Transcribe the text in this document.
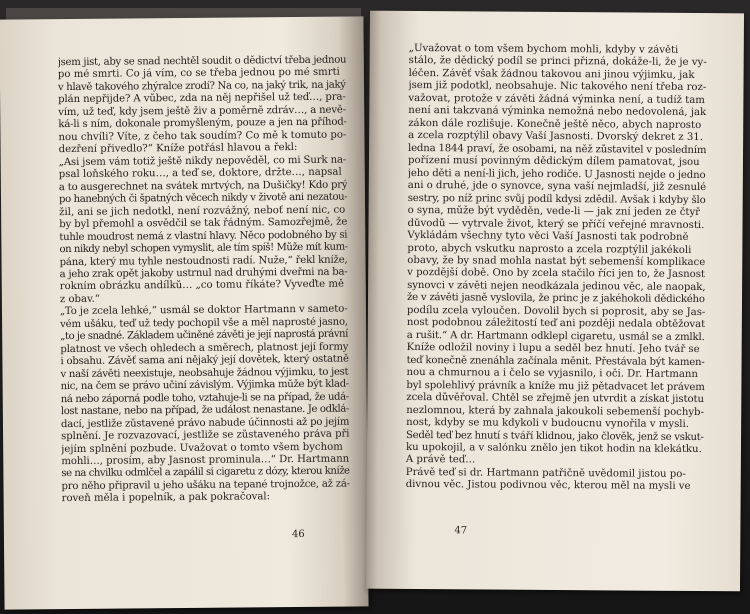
jsem jist, aby se snad nechtěl soudit o dědictví třeba jednou
po mé smrti. Co já vím, co se třeba jednou po mé smrti
v hlavě takového zhýralce zrodí? Na co, na jaký trik, na jaký
plán nepřijde? A vůbec, zda na něj nepřišel už teď…, pra-
vím, už teď, kdy jsem ještě živ a poměrně zdráv…, a nevě-
ká-li s ním, dokonale promyšleným, pouze a jen na příhod-
nou chvíli? Víte, z čeho tak soudím? Co mě k tomuto po-
dezření přivedlo?“ Kníže potřásl hlavou a řekl:
„Asi jsem vám totiž ještě nikdy nepověděl, co mi Šurk na-
psal loňského roku…, a teď se, doktore, držte…, napsal
a to ausgerechnet na svátek mrtvých, na Dušičky! Kdo prý
po hanebných či špatných věcech nikdy v životě ani nezatou-
žil, ani se jich nedotkl, není rozvážný, neboť není nic, co
by byl přemohl a osvědčil se tak řádným. Samozřejmě, že
tuhle moudrost nemá z vlastní hlavy. Něco podobného by si
on nikdy nebyl schopen vymyslit, ale tím spíš! Může mít kum-
pána, který mu tyhle nestoudnosti radí. Nuže,“ řekl kníže,
a jeho zrak opět jakoby ustrnul nad druhými dveřmi na ba-
rokním obrázku andílků… „co tomu říkáte? Vyveďte mě
z obav.“
„To je zcela lehké,“ usmál se doktor Hartmann v sameto-
vém ušáku, teď už tedy pochopil vše a měl naprosté jasno,
„to je snadné. Základem učiněné závěti je její naprostá právní
platnost ve všech ohledech a směrech, platnost její formy
i obsahu. Závěť sama ani nějaký její dovětek, který ostatně
v naší závěti neexistuje, neobsahuje žádnou výjimku, to jest
nic, na čem se právo učiní závislým. Výjimka může být klad-
ná nebo záporná podle toho, vztahuje-li se na případ, že udá-
lost nastane, nebo na případ, že událost nenastane. Je odklá-
dací, jestliže zůstavené právo nabude účinnosti až po jejím
splnění. Je rozvazovací, jestliže se zůstaveného práva při
jejím splnění pozbude. Uvažovat o tomto všem bychom
mohli…, prosím, aby Jasnost prominula…“ Dr. Hartmann
se na chvilku odmlčel a zapálil si cigaretu z dózy, kterou kníže
pro něho připravil u jeho ušáku na tepané trojnožce, až zá-
roveň měla i popelník, a pak pokračoval:
46
„Uvažovat o tom všem bychom mohli, kdyby v závěti
stálo, že dědický podíl se princi přizná, dokáže-li, že je vy-
léčen. Závěť však žádnou takovou ani jinou výjimku, jak
jsem již podotkl, neobsahuje. Nic takového není třeba roz-
važovat, protože v závěti žádná výminka není, a tudíž tam
není ani takzvaná výminka nemožná nebo nedovolená, jak
zákon dále rozlišuje. Konečně ještě něco, abych naprosto
a zcela rozptýlil obavy Vaší Jasnosti. Dvorský dekret z 31.
ledna 1844 praví, že osobami, na něž zůstavitel v posledním
pořízení musí povinným dědickým dílem pamatovat, jsou
jeho děti a není-li jich, jeho rodiče. U Jasnosti nejde o jedno
ani o druhé, jde o synovce, syna vaší nejmladší, již zesnulé
sestry, po níž princ svůj podíl kdysi zdědil. Avšak i kdyby šlo
o syna, může být vyděděn, vede-li — jak zní jeden ze čtyř
důvodů — vytrvale život, který se příčí veřejné mravnosti.
Vykládám všechny tyto věci Vaší Jasnosti tak podrobně
proto, abych vskutku naprosto a zcela rozptýlil jakékoli
obavy, že by snad mohla nastat být sebemenší komplikace
v pozdější době. Ono by zcela stačilo říci jen to, že Jasnost
synovci v závěti nejen neodkázala jedinou věc, ale naopak,
že v závěti jasně vyslovila, že princ je z jakéhokoli dědického
podílu zcela vyloučen. Dovolil bych si poprosit, aby se Jas-
nost podobnou záležitostí teď ani později nedala obtěžovat
a rušit.“ A dr. Hartmann odklepl cigaretu, usmál se a zmlkl.
Kníže odložil noviny i lupu a seděl bez hnutí. Jeho tvář se
teď konečně znenáhla začínala měnit. Přestávala být kamen-
nou a chmurnou a i čelo se vyjasnilo, i oči. Dr. Hartmann
byl spolehlivý právník a kníže mu již pětadvacet let právem
zcela důvěřoval. Chtěl se zřejmě jen utvrdit a získat jistotu
nezlomnou, která by zahnala jakoukoli sebemenší pochyb-
nost, kdyby se mu kdykoli v budoucnu vynořila v mysli.
Seděl teď bez hnutí s tváří klidnou, jako člověk, jenž se vskut-
ku upokojil, a v salónku znělo jen tikot hodin na klekátku.
A právě teď…
Právě teď si dr. Hartmann patřičně uvědomil jistou po-
divnou věc. Jistou podivnou věc, kterou měl na mysli ve
47
